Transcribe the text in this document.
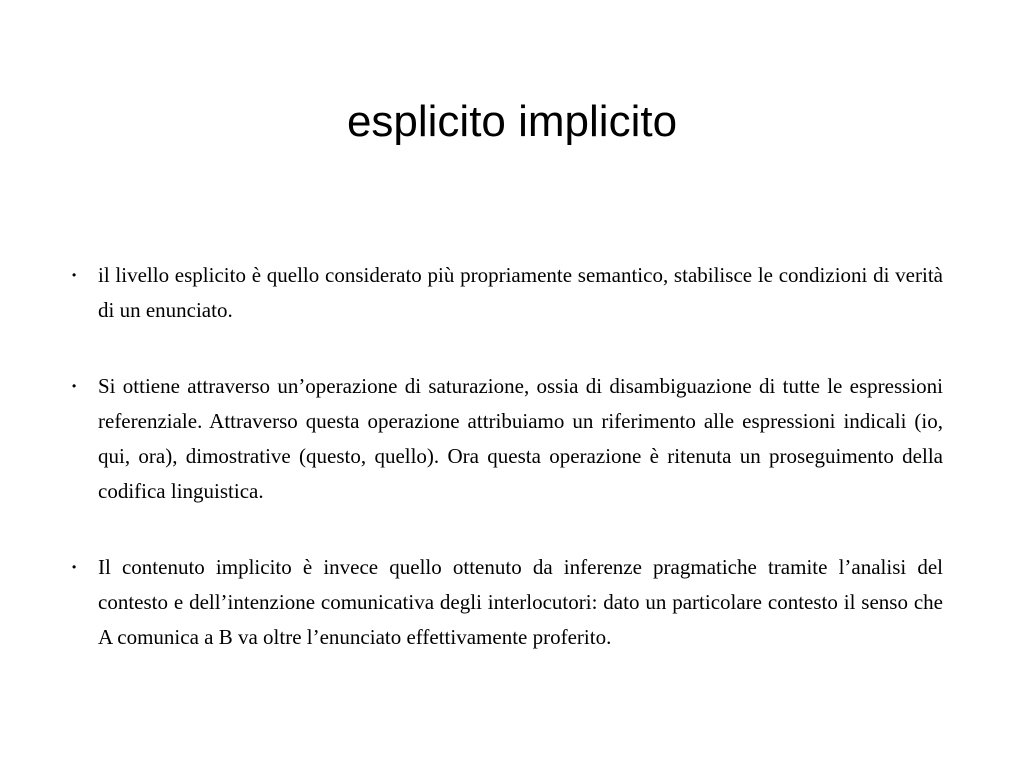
esplicito implicito
• il livello esplicito è quello considerato più propriamente semantico, stabilisce le condizioni di verità di un enunciato.
• Si ottiene attraverso un’operazione di saturazione, ossia di disambiguazione di tutte le espressioni referenziale. Attraverso questa operazione attribuiamo un riferimento alle espressioni indicali (io, qui, ora), dimostrative (questo, quello). Ora questa operazione è ritenuta un proseguimento della codifica linguistica.
• Il contenuto implicito è invece quello ottenuto da inferenze pragmatiche tramite l’analisi del contesto e dell’intenzione comunicativa degli interlocutori: dato un particolare contesto il senso che A comunica a B va oltre l’enunciato effettivamente proferito.
